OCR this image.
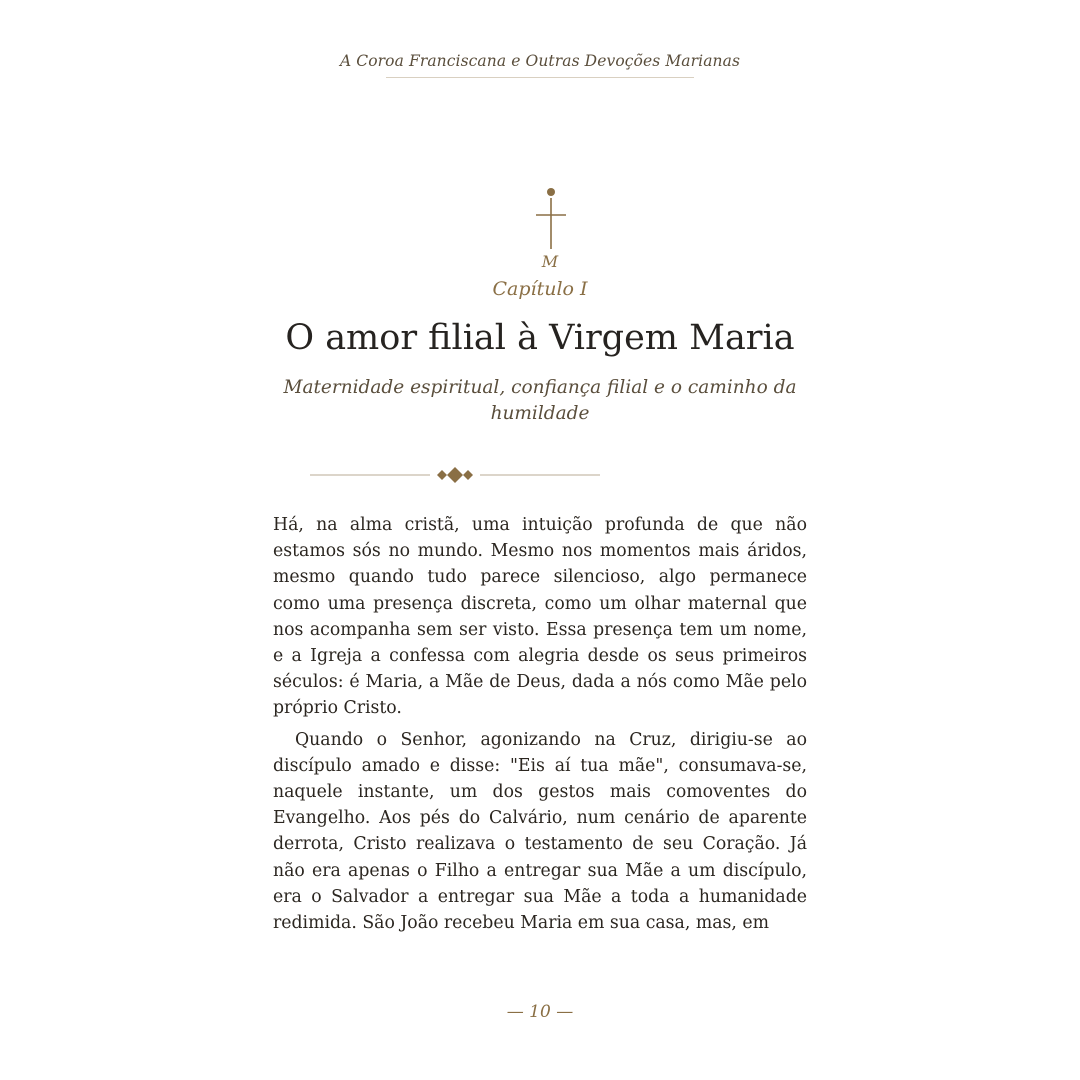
A Coroa Franciscana e Outras Devoções Marianas
M
Capítulo I
O amor filial à Virgem Maria
Maternidade espiritual, confiança filial e o caminho da humildade

Há, na alma cristã, uma intuição profunda de que não estamos sós no mundo. Mesmo nos momentos mais áridos, mesmo quando tudo parece silencioso, algo permanece como uma presença discreta, como um olhar maternal que nos acompanha sem ser visto. Essa presença tem um nome, e a Igreja a confessa com alegria desde os seus primeiros séculos: é Maria, a Mãe de Deus, dada a nós como Mãe pelo próprio Cristo.

Quando o Senhor, agonizando na Cruz, dirigiu-se ao discípulo amado e disse: "Eis aí tua mãe", consumava-se, naquele instante, um dos gestos mais comoventes do Evangelho. Aos pés do Calvário, num cenário de aparente derrota, Cristo realizava o testamento de seu Coração. Já não era apenas o Filho a entregar sua Mãe a um discípulo, era o Salvador a entregar sua Mãe a toda a humanidade redimida. São João recebeu Maria em sua casa, mas, em

— 10 —
